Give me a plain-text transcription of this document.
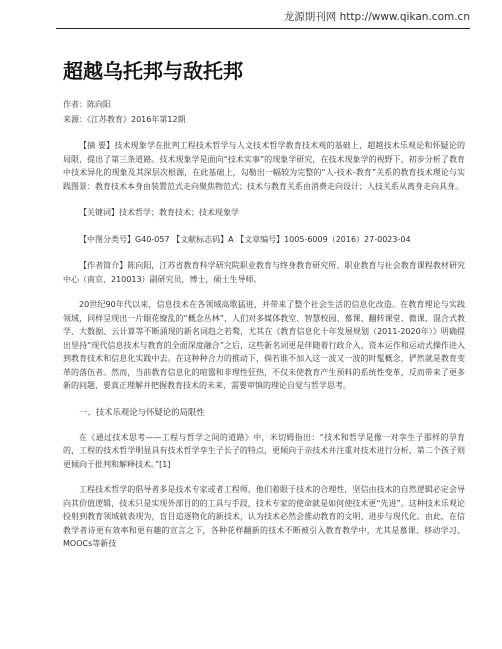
龙源期刊网 http://www.qikan.com.cn
超越乌托邦与敌托邦
作者：陈向阳
来源：《江苏教育》2016年第12期

【摘 要】技术现象学在批判工程技术哲学与人文技术哲学教育技术观的基础上，超越技术乐观论和怀疑论的局限，提出了第三条道路。技术现象学是面向“技术实事”的现象学研究，在技术现象学的视野下，初步分析了教育中技术异化的现象及其深层次根源，在此基础上，勾勒出一幅较为完整的“人-技术-教育”关系的教育技术理论与实践图景：教育技术本身由装置范式走向聚焦物范式；技术与教育关系由消费走向设计；人技关系从离身走向具身。

【关键词】技术哲学；教育技术；技术现象学

【中图分类号】G40-057 【文献标志码】A 【文章编号】1005-6009（2016）27-0023-04

【作者简介】陈向阳，江苏省教育科学研究院职业教育与终身教育研究所、职业教育与社会教育课程教材研究中心（南京，210013）副研究员，博士，硕士生导师。

20世纪90年代以来，信息技术在各领域高歌猛进，并带来了整个社会生活的信息化改造。在教育理论与实践领域，同样呈现出一片眼花缭乱的“概念丛林”，人们对多媒体教室、智慧校园、慕课、翻转课堂、微课、混合式教学、大数据、云计算等不断涌现的新名词趋之若鹜，尤其在《教育信息化十年发展规划（2011-2020年）》明确提出坚持“现代信息技术与教育的全面深度融合”之后，这些新名词更是伴随着行政介入、资本运作和运动式操作进入到教育技术和信息化实践中去。在这种种合力的推动下，倘若谁不加入这一波又一波的时髦概念，俨然就是教育变革的落伍者。然而，当前教育信息化的喧嚣和非理性狂热，不仅未使教育产生预料的系统性变革，反而带来了更多新的问题，要真正理解并把握教育技术的未来，需要审慎的理论自觉与哲学思考。

一、技术乐观论与怀疑论的局限性

在《通过技术思考——工程与哲学之间的道路》中，米切姆指出：“技术和哲学是像一对孪生子那样的孕育的，工程的技术哲学明显具有技术哲学孪生子长子的特点，更倾向于亲技术并注重对技术进行分析，第二个孩子则更倾向于批判和解释技术。”[1]

工程技术哲学的倡导者多是技术专家或者工程师，他们着眼于技术的合理性，坚信由技术的自然逻辑必定会导向其价值逻辑，技术只是实现外部目的的工具与手段，技术专家的使命就是如何使技术更“先进”。这种技术乐观论投射到教育领域就表现为，盲目追逐物化的新技术，认为技术必然会推动教育的文明、进步与现代化。由此，在信教学者诗更有效率和更有趣的宣言之下，各种花样翻新的技术不断被引入教育教学中，尤其是慕课、移动学习、MOOCs等新技
